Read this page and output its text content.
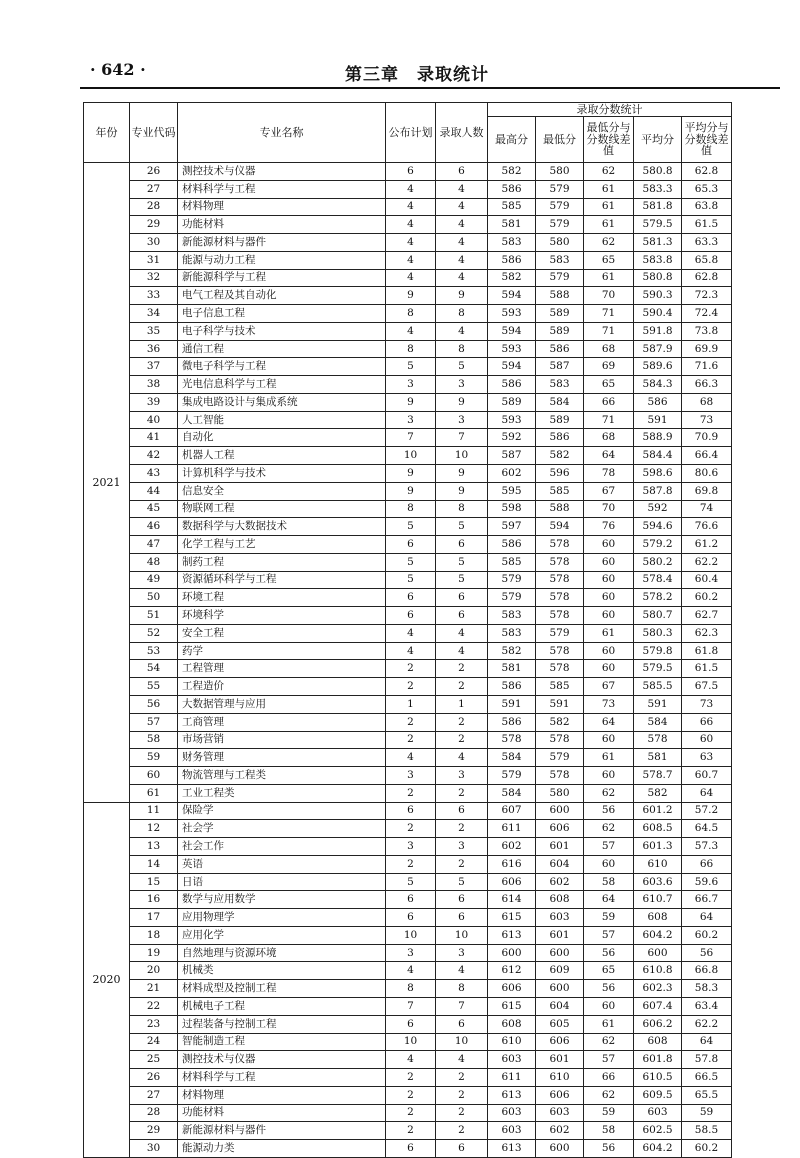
· 642 ·	第三章　录取统计
年份	专业代码	专业名称	公布计划	录取人数	录取分数统计				
					最高分	最低分	最低分与分数线差值	平均分	平均分与分数线差值
2021	26	测控技术与仪器	6	6	582	580	62	580.8	62.8
	27	材料科学与工程	4	4	586	579	61	583.3	65.3
	28	材料物理	4	4	585	579	61	581.8	63.8
	29	功能材料	4	4	581	579	61	579.5	61.5
	30	新能源材料与器件	4	4	583	580	62	581.3	63.3
	31	能源与动力工程	4	4	586	583	65	583.8	65.8
	32	新能源科学与工程	4	4	582	579	61	580.8	62.8
	33	电气工程及其自动化	9	9	594	588	70	590.3	72.3
	34	电子信息工程	8	8	593	589	71	590.4	72.4
	35	电子科学与技术	4	4	594	589	71	591.8	73.8
	36	通信工程	8	8	593	586	68	587.9	69.9
	37	微电子科学与工程	5	5	594	587	69	589.6	71.6
	38	光电信息科学与工程	3	3	586	583	65	584.3	66.3
	39	集成电路设计与集成系统	9	9	589	584	66	586	68
	40	人工智能	3	3	593	589	71	591	73
	41	自动化	7	7	592	586	68	588.9	70.9
	42	机器人工程	10	10	587	582	64	584.4	66.4
	43	计算机科学与技术	9	9	602	596	78	598.6	80.6
	44	信息安全	9	9	595	585	67	587.8	69.8
	45	物联网工程	8	8	598	588	70	592	74
	46	数据科学与大数据技术	5	5	597	594	76	594.6	76.6
	47	化学工程与工艺	6	6	586	578	60	579.2	61.2
	48	制药工程	5	5	585	578	60	580.2	62.2
	49	资源循环科学与工程	5	5	579	578	60	578.4	60.4
	50	环境工程	6	6	579	578	60	578.2	60.2
	51	环境科学	6	6	583	578	60	580.7	62.7
	52	安全工程	4	4	583	579	61	580.3	62.3
	53	药学	4	4	582	578	60	579.8	61.8
	54	工程管理	2	2	581	578	60	579.5	61.5
	55	工程造价	2	2	586	585	67	585.5	67.5
	56	大数据管理与应用	1	1	591	591	73	591	73
	57	工商管理	2	2	586	582	64	584	66
	58	市场营销	2	2	578	578	60	578	60
	59	财务管理	4	4	584	579	61	581	63
	60	物流管理与工程类	3	3	579	578	60	578.7	60.7
	61	工业工程类	2	2	584	580	62	582	64
2020	11	保险学	6	6	607	600	56	601.2	57.2
	12	社会学	2	2	611	606	62	608.5	64.5
	13	社会工作	3	3	602	601	57	601.3	57.3
	14	英语	2	2	616	604	60	610	66
	15	日语	5	5	606	602	58	603.6	59.6
	16	数学与应用数学	6	6	614	608	64	610.7	66.7
	17	应用物理学	6	6	615	603	59	608	64
	18	应用化学	10	10	613	601	57	604.2	60.2
	19	自然地理与资源环境	3	3	600	600	56	600	56
	20	机械类	4	4	612	609	65	610.8	66.8
	21	材料成型及控制工程	8	8	606	600	56	602.3	58.3
	22	机械电子工程	7	7	615	604	60	607.4	63.4
	23	过程装备与控制工程	6	6	608	605	61	606.2	62.2
	24	智能制造工程	10	10	610	606	62	608	64
	25	测控技术与仪器	4	4	603	601	57	601.8	57.8
	26	材料科学与工程	2	2	611	610	66	610.5	66.5
	27	材料物理	2	2	613	606	62	609.5	65.5
	28	功能材料	2	2	603	603	59	603	59
	29	新能源材料与器件	2	2	603	602	58	602.5	58.5
	30	能源动力类	6	6	613	600	56	604.2	60.2
